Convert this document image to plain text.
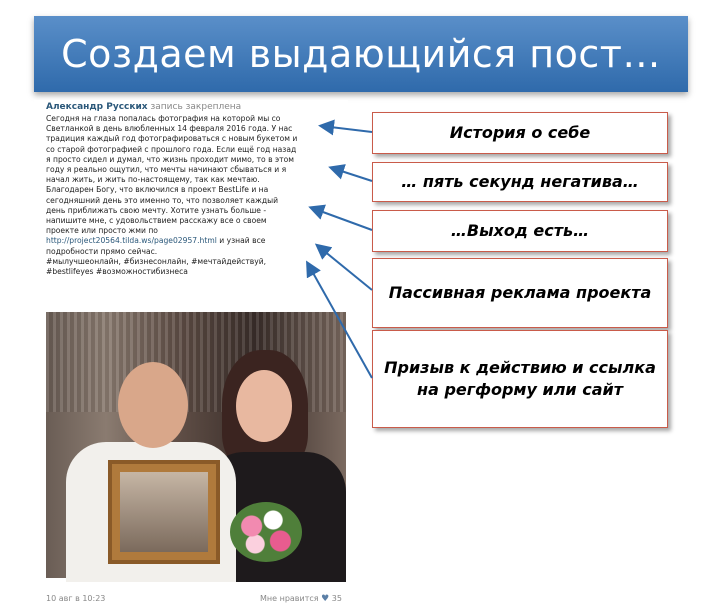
Создаем выдающийся пост…
Александр Русских запись закреплена
Сегодня на глаза попалась фотография на которой мы со
Светланкой в день влюбленных 14 февраля 2016 года. У нас
традиция каждый год фотографироваться с новым букетом и
со старой фотографией с прошлого года. Если ещё год назад
я просто сидел и думал, что жизнь проходит мимо, то в этом
году я реально ощутил, что мечты начинают сбываться и я
начал жить, и жить по-настоящему, так как мечтаю.
Благодарен Богу, что включился в проект BestLife и на
сегодняшний день это именно то, что позволяет каждый
день приближать свою мечту. Хотите узнать больше -
напишите мне, с удовольствием расскажу все о своем
проекте или просто жми по
http://project20564.tilda.ws/page02957.html и узнай все
подробности прямо сейчас.
#мылучшеонлайн, #бизнесонлайн, #мечтайдействуй,
#bestlifeyes #возможностибизнеса
10 авг в 10:23	Мне нравится ♥ 35
История о себе
… пять секунд негатива…
…Выход есть…
Пассивная реклама проекта
Призыв к действию и ссылка на регформу или сайт
